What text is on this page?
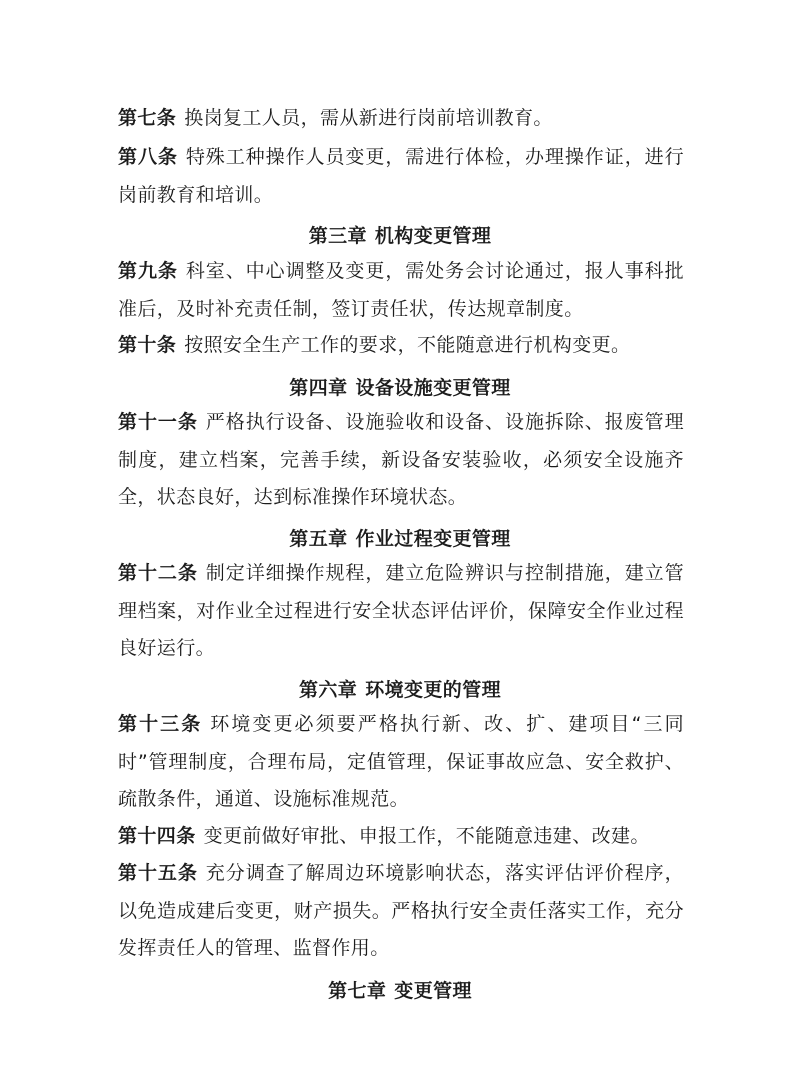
第七条 换岗复工人员，需从新进行岗前培训教育。

第八条 特殊工种操作人员变更，需进行体检，办理操作证，进行岗前教育和培训。

第三章 机构变更管理

第九条 科室、中心调整及变更，需处务会讨论通过，报人事科批准后，及时补充责任制，签订责任状，传达规章制度。

第十条 按照安全生产工作的要求，不能随意进行机构变更。

第四章 设备设施变更管理

第十一条 严格执行设备、设施验收和设备、设施拆除、报废管理制度，建立档案，完善手续，新设备安装验收，必须安全设施齐全，状态良好，达到标准操作环境状态。

第五章 作业过程变更管理

第十二条 制定详细操作规程，建立危险辨识与控制措施，建立管理档案，对作业全过程进行安全状态评估评价，保障安全作业过程良好运行。

第六章 环境变更的管理

第十三条 环境变更必须要严格执行新、改、扩、建项目“三同时”管理制度，合理布局，定值管理，保证事故应急、安全救护、疏散条件，通道、设施标准规范。

第十四条 变更前做好审批、申报工作，不能随意违建、改建。

第十五条 充分调查了解周边环境影响状态，落实评估评价程序，以免造成建后变更，财产损失。严格执行安全责任落实工作，充分发挥责任人的管理、监督作用。

第七章 变更管理
